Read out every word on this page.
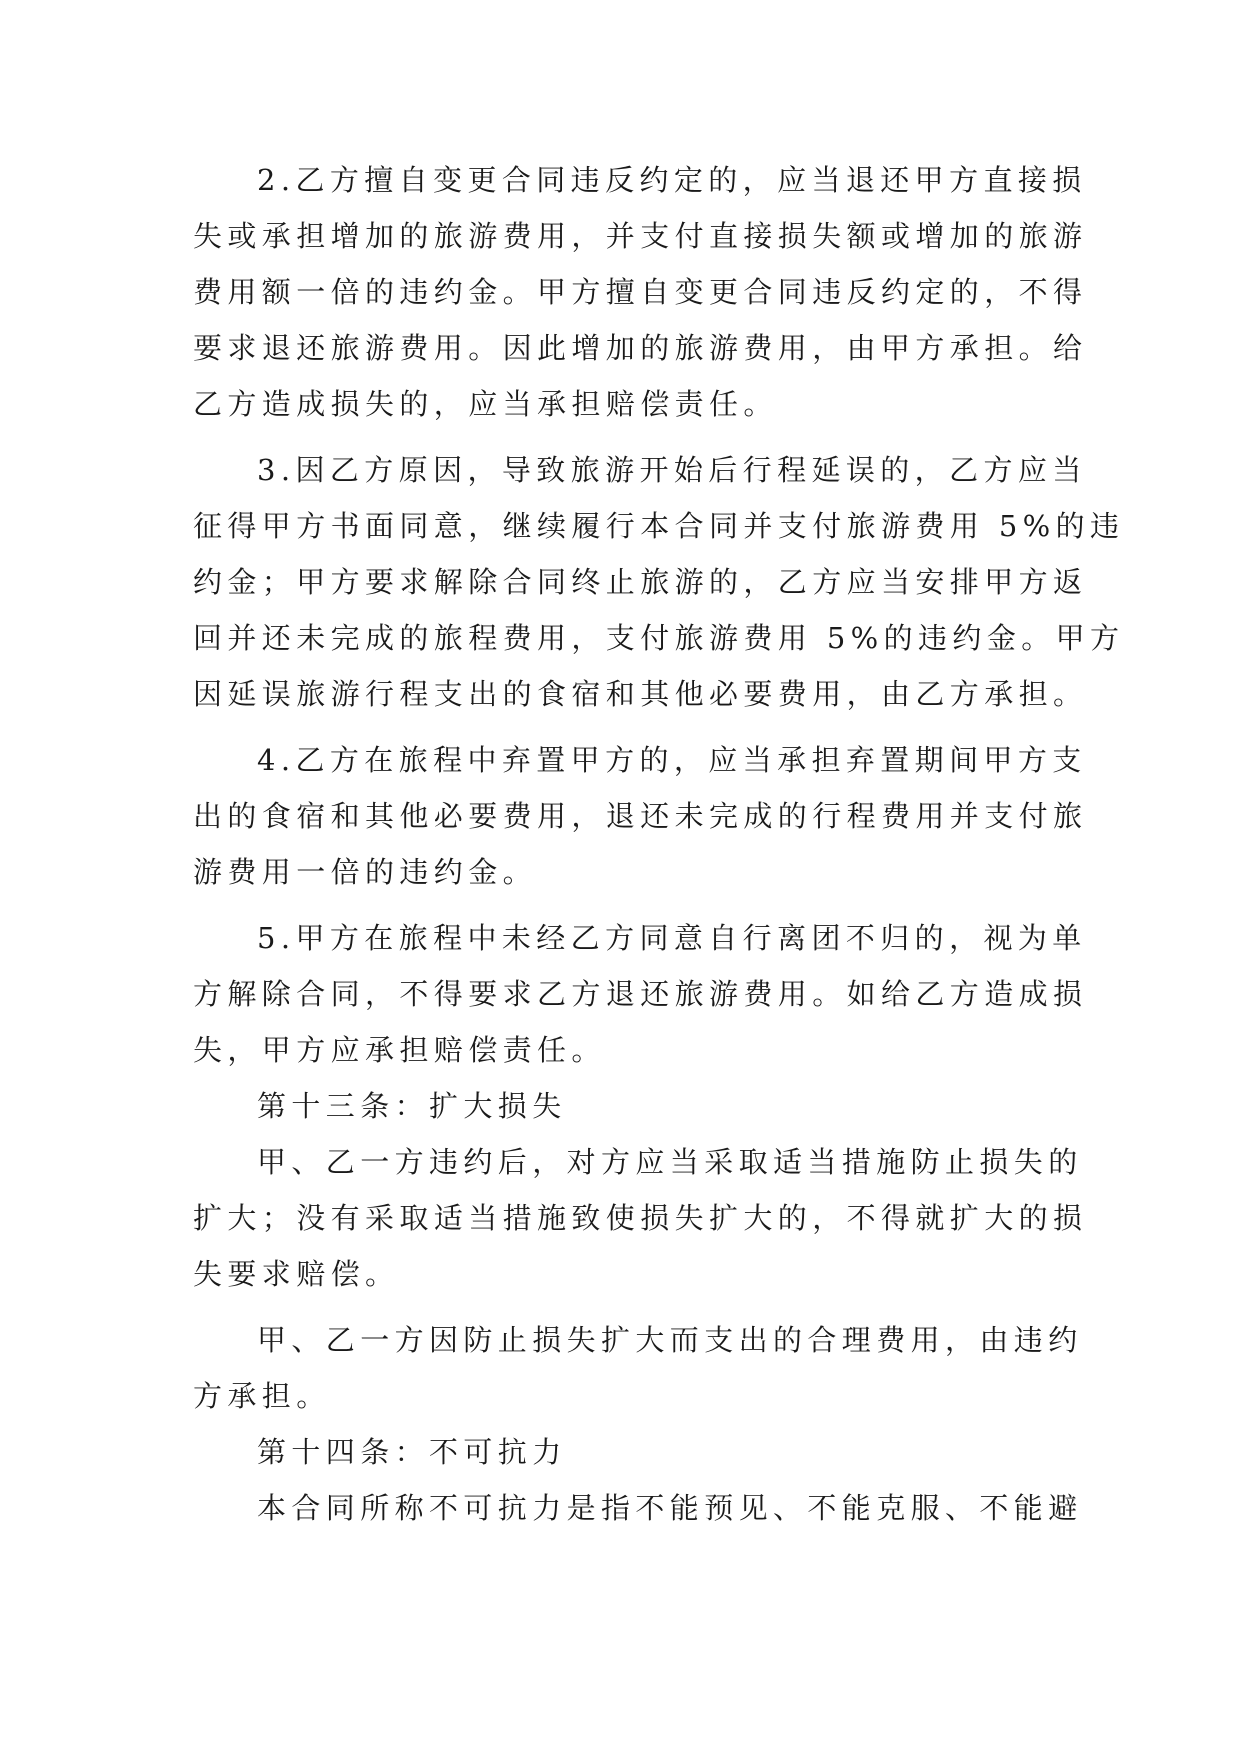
2.乙方擅自变更合同违反约定的，应当退还甲方直接损
失或承担增加的旅游费用，并支付直接损失额或增加的旅游
费用额一倍的违约金。甲方擅自变更合同违反约定的，不得
要求退还旅游费用。因此增加的旅游费用，由甲方承担。给
乙方造成损失的，应当承担赔偿责任。
3.因乙方原因，导致旅游开始后行程延误的，乙方应当
征得甲方书面同意，继续履行本合同并支付旅游费用 5%的违
约金；甲方要求解除合同终止旅游的，乙方应当安排甲方返
回并还未完成的旅程费用，支付旅游费用 5%的违约金。甲方
因延误旅游行程支出的食宿和其他必要费用，由乙方承担。
4.乙方在旅程中弃置甲方的，应当承担弃置期间甲方支
出的食宿和其他必要费用，退还未完成的行程费用并支付旅
游费用一倍的违约金。
5.甲方在旅程中未经乙方同意自行离团不归的，视为单
方解除合同，不得要求乙方退还旅游费用。如给乙方造成损
失，甲方应承担赔偿责任。
第十三条：扩大损失
甲、乙一方违约后，对方应当采取适当措施防止损失的
扩大；没有采取适当措施致使损失扩大的，不得就扩大的损
失要求赔偿。
甲、乙一方因防止损失扩大而支出的合理费用，由违约
方承担。
第十四条：不可抗力
本合同所称不可抗力是指不能预见、不能克服、不能避
